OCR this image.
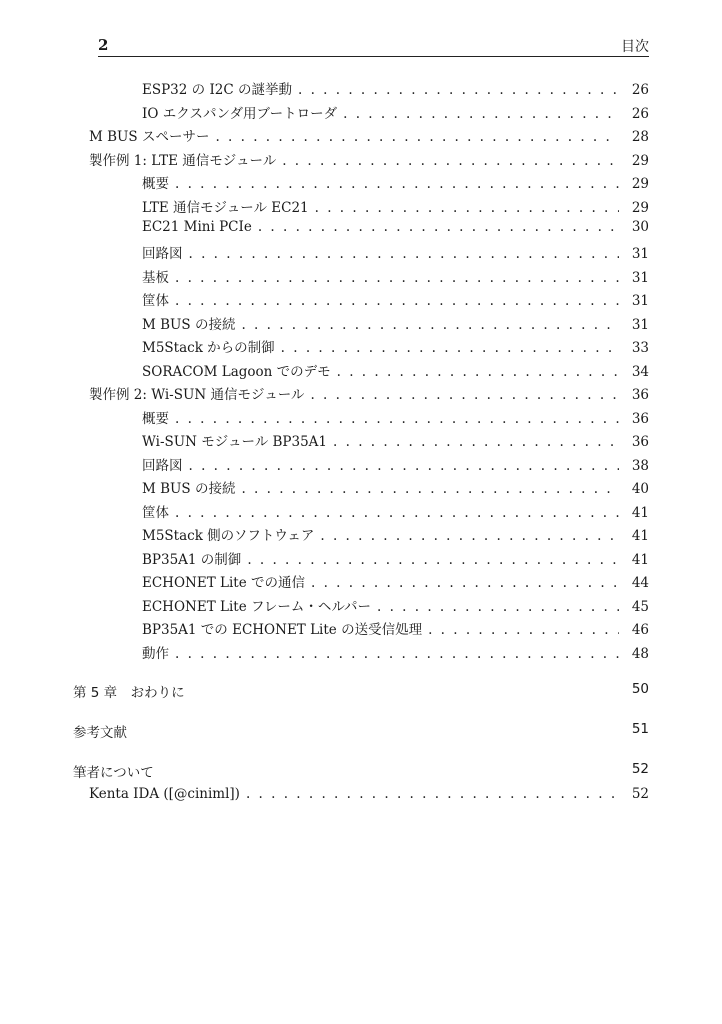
2	目次
ESP32 の I2C の謎挙動 . . .	26
IO エクスパンダ用ブートローダ . . .	26
M BUS スペーサー . . .	28
製作例 1: LTE 通信モジュール . . .	29
概要 . . .	29
LTE 通信モジュール EC21 . . .	29
EC21 Mini PCIe . . .	30
回路図 . . .	31
基板 . . .	31
筐体 . . .	31
M BUS の接続 . . .	31
M5Stack からの制御 . . .	33
SORACOM Lagoon でのデモ . . .	34
製作例 2: Wi-SUN 通信モジュール . . .	36
概要 . . .	36
Wi-SUN モジュール BP35A1 . . .	36
回路図 . . .	38
M BUS の接続 . . .	40
筐体 . . .	41
M5Stack 側のソフトウェア . . .	41
BP35A1 の制御 . . .	41
ECHONET Lite での通信 . . .	44
ECHONET Lite フレーム・ヘルパー . . .	45
BP35A1 での ECHONET Lite の送受信処理 . . .	46
動作 . . .	48
第 5 章　おわりに	50
参考文献	51
筆者について	52
Kenta IDA ([@ciniml]) . . .	52
